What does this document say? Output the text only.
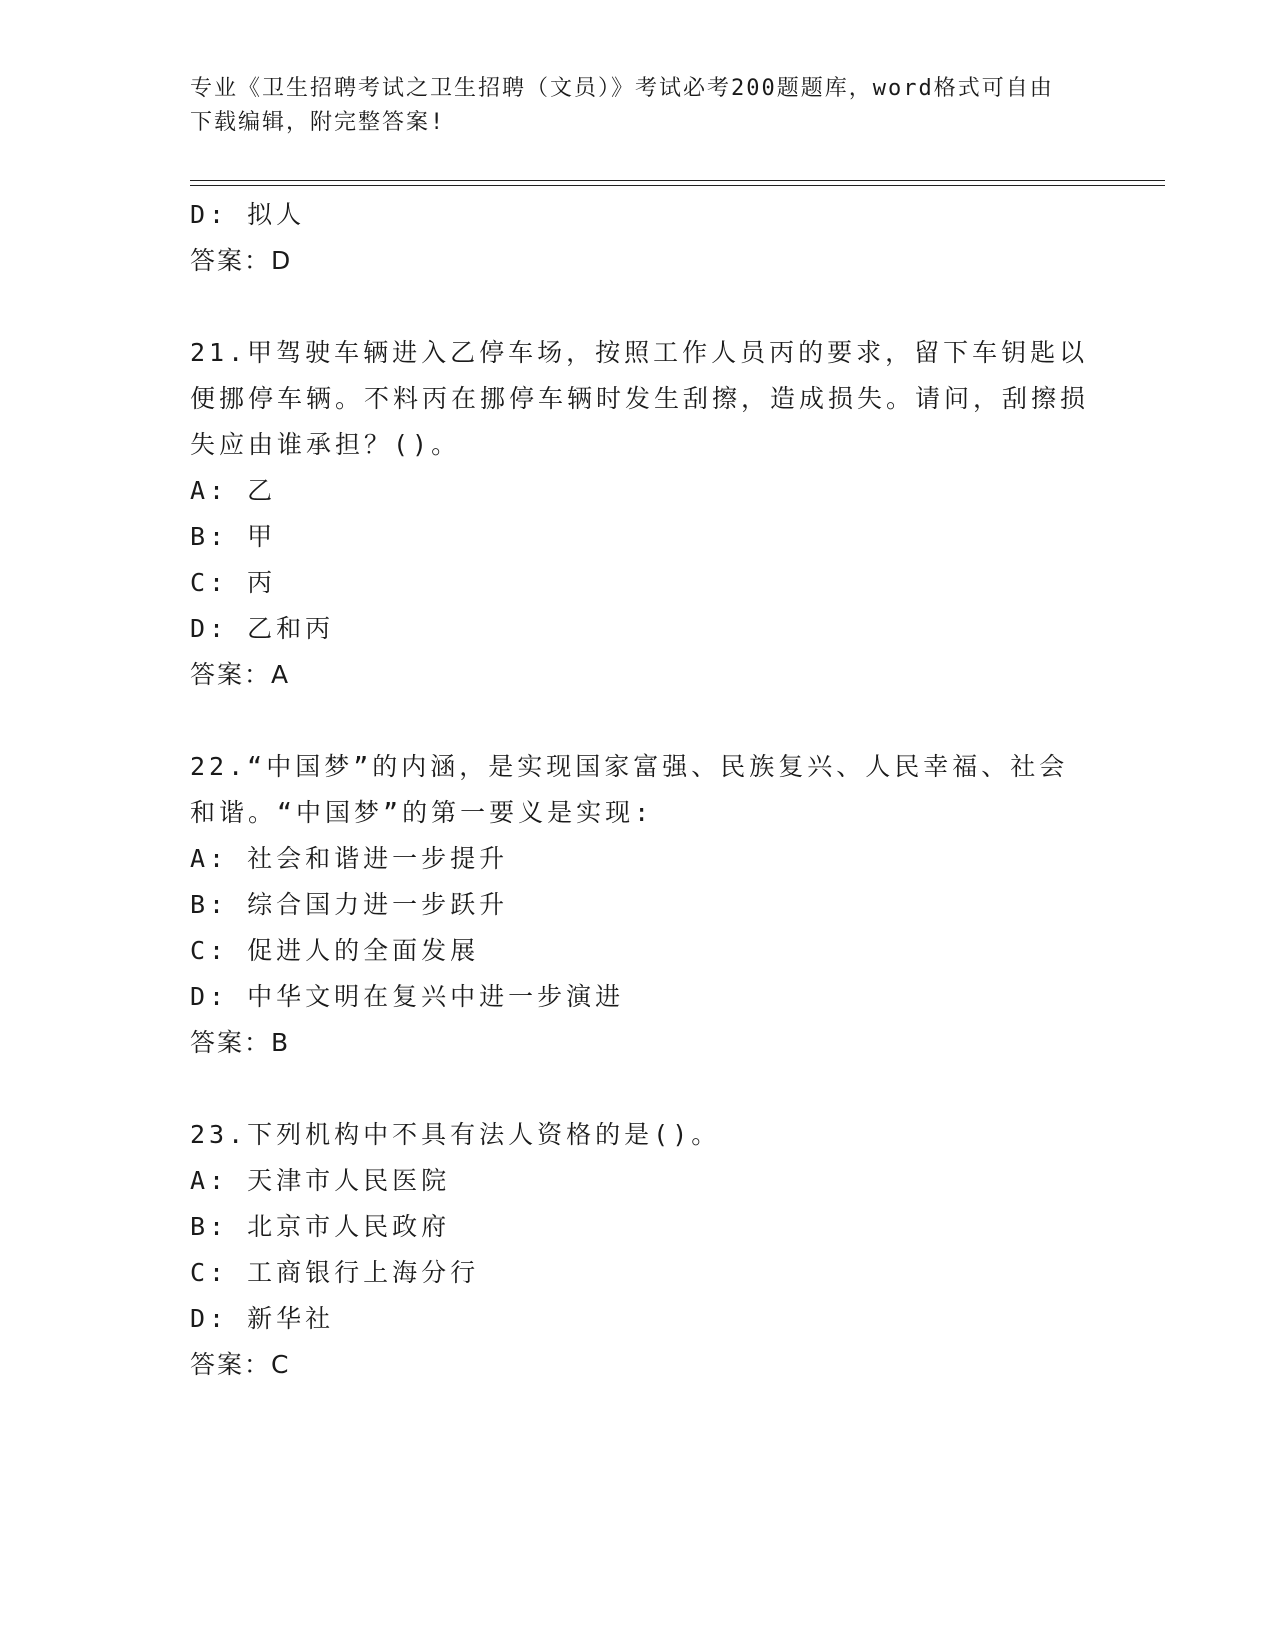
专业《卫生招聘考试之卫生招聘（文员）》考试必考200题题库，word格式可自由下载编辑，附完整答案!
D: 拟人
答案：D
21.甲驾驶车辆进入乙停车场，按照工作人员丙的要求，留下车钥匙以便挪停车辆。不料丙在挪停车辆时发生刮擦，造成损失。请问，刮擦损失应由谁承担？()。
A: 乙
B: 甲
C: 丙
D: 乙和丙
答案：A
22.“中国梦”的内涵，是实现国家富强、民族复兴、人民幸福、社会和谐。“中国梦”的第一要义是实现:
A: 社会和谐进一步提升
B: 综合国力进一步跃升
C: 促进人的全面发展
D: 中华文明在复兴中进一步演进
答案：B
23.下列机构中不具有法人资格的是()。
A: 天津市人民医院
B: 北京市人民政府
C: 工商银行上海分行
D: 新华社
答案：C
